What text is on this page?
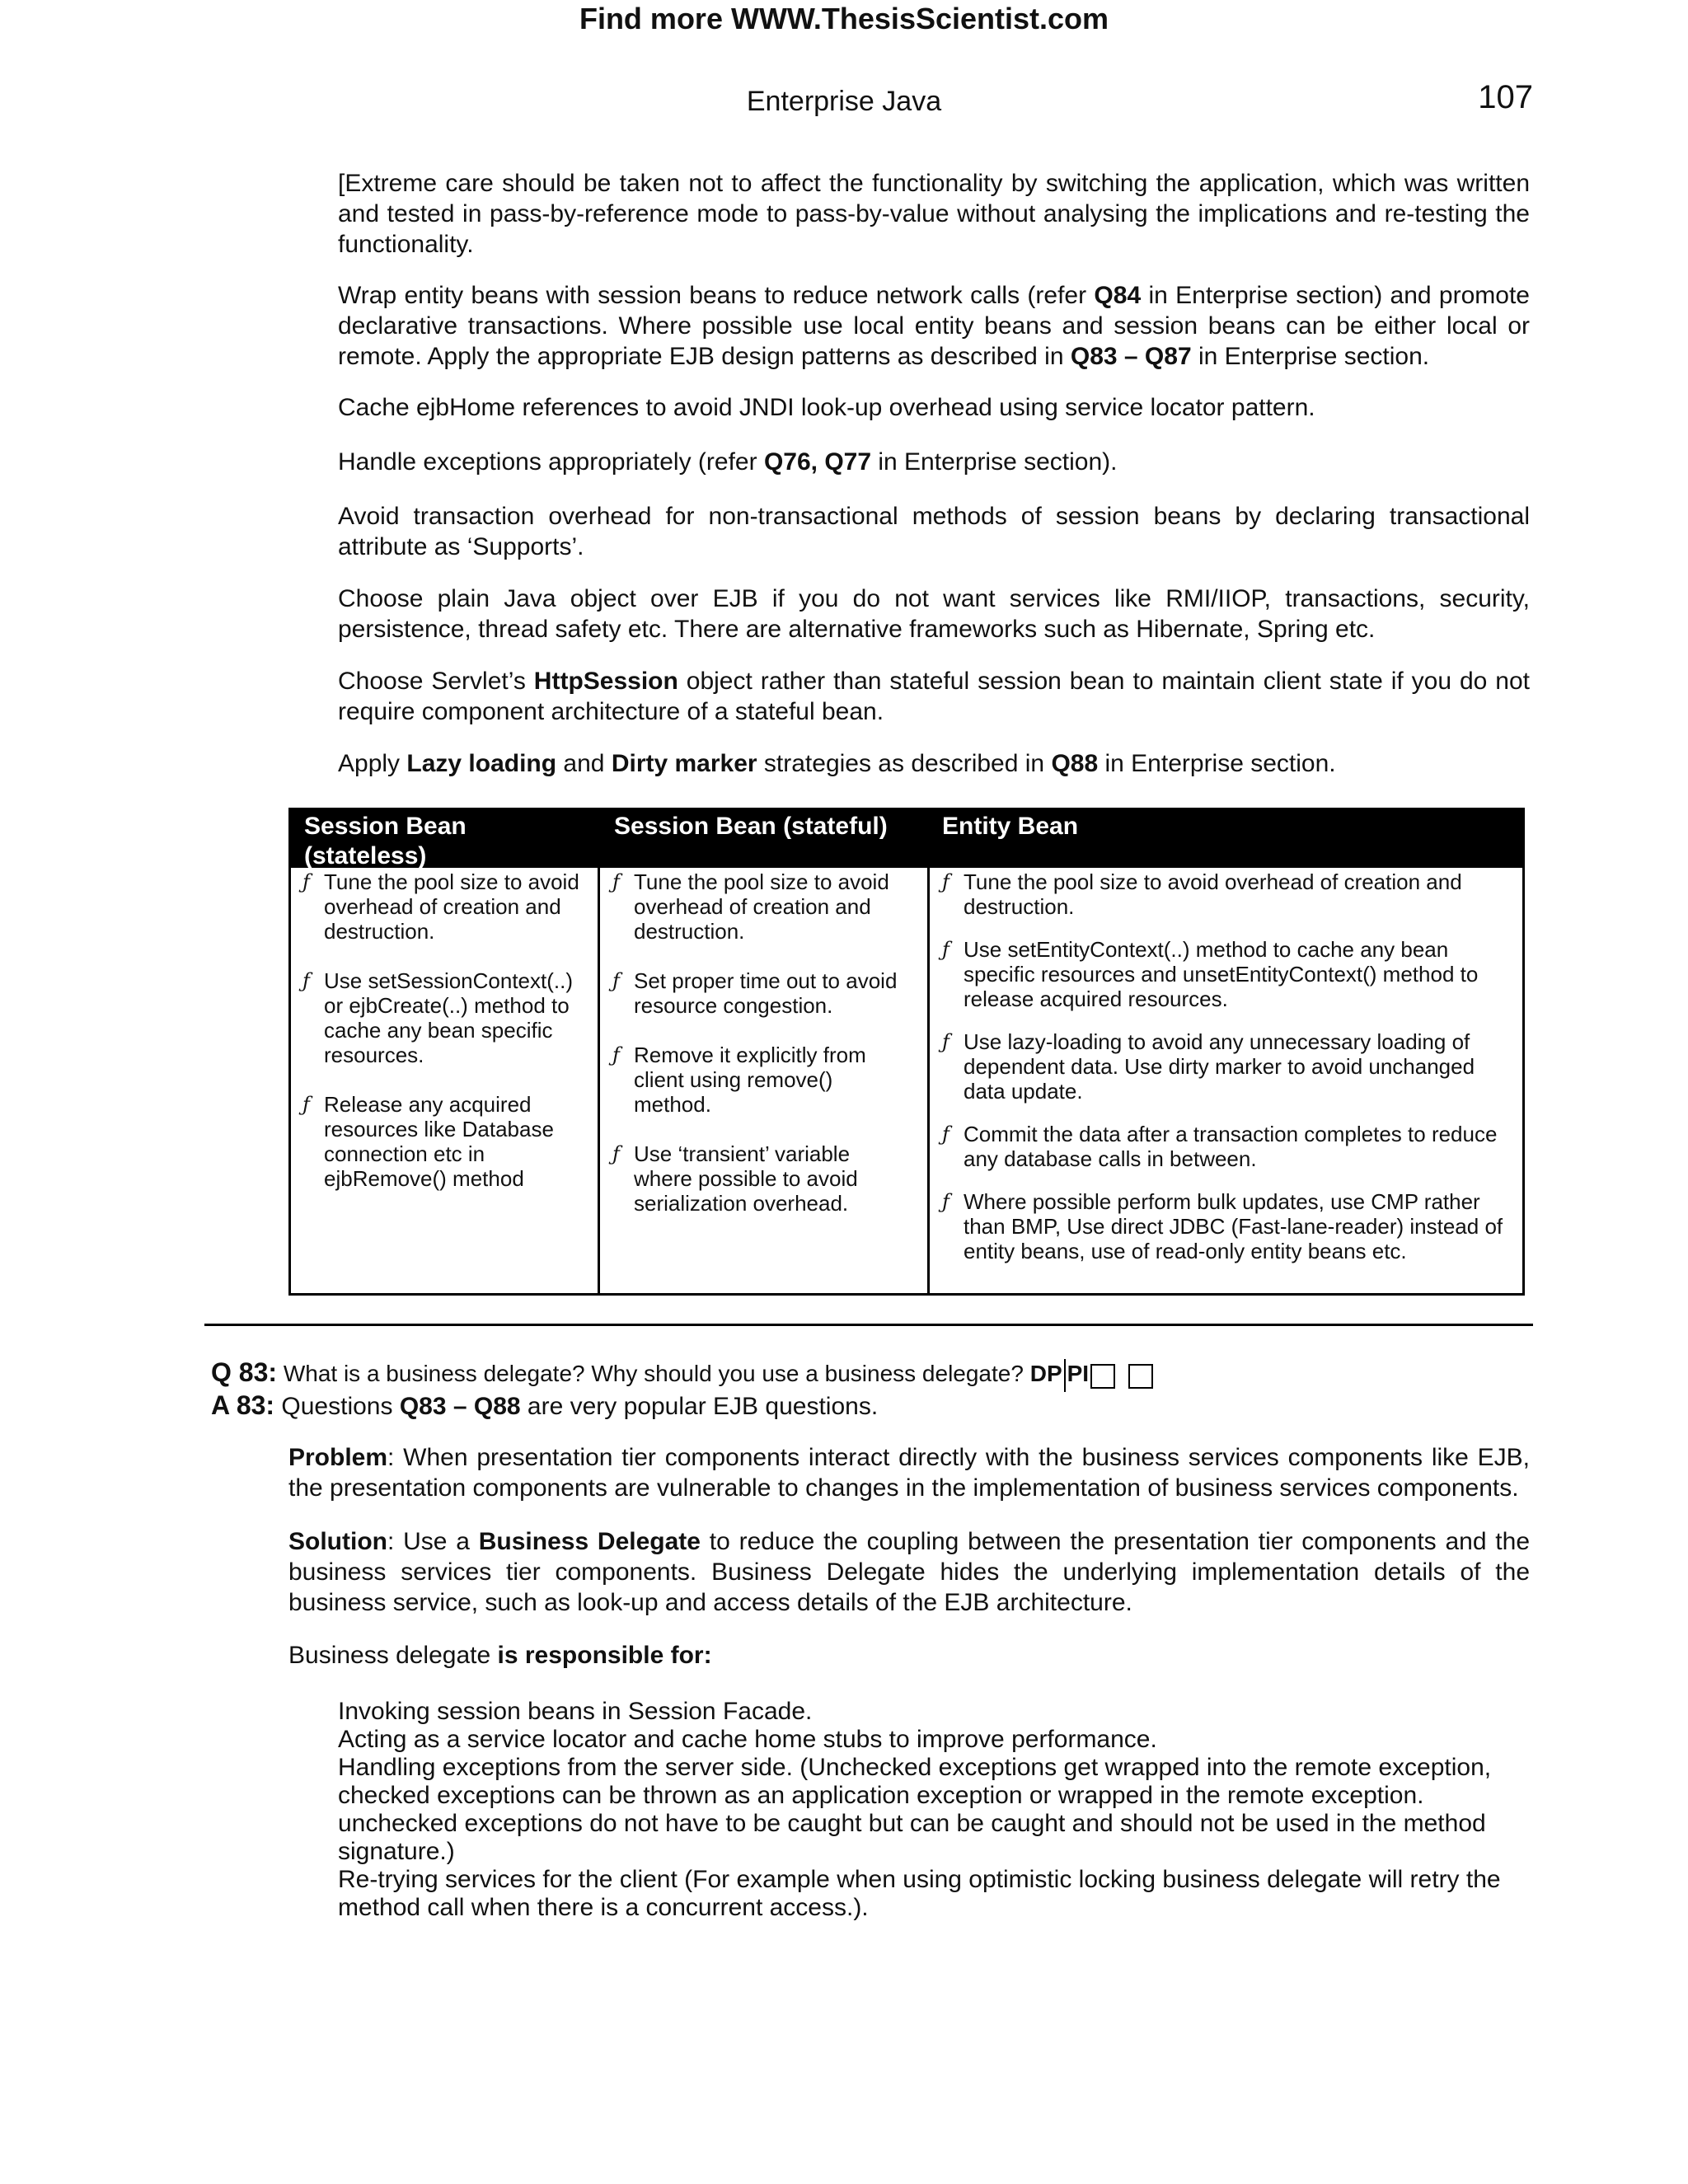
Find more WWW.ThesisScientist.com
Enterprise Java	107

[Extreme care should be taken not to affect the functionality by switching the application, which was written and tested in pass-by-reference mode to pass-by-value without analysing the implications and re-testing the functionality.

Wrap entity beans with session beans to reduce network calls (refer Q84 in Enterprise section) and promote declarative transactions. Where possible use local entity beans and session beans can be either local or remote. Apply the appropriate EJB design patterns as described in Q83 – Q87 in Enterprise section.

Cache ejbHome references to avoid JNDI look-up overhead using service locator pattern.

Handle exceptions appropriately (refer Q76, Q77 in Enterprise section).

Avoid transaction overhead for non-transactional methods of session beans by declaring transactional attribute as ‘Supports’.

Choose plain Java object over EJB if you do not want services like RMI/IIOP, transactions, security, persistence, thread safety etc. There are alternative frameworks such as Hibernate, Spring etc.

Choose Servlet’s HttpSession object rather than stateful session bean to maintain client state if you do not require component architecture of a stateful bean.

Apply Lazy loading and Dirty marker strategies as described in Q88 in Enterprise section.

Session Bean (stateless)
Session Bean (stateful)	Entity Bean
ƒ Tune the pool size to avoid overhead of creation and destruction.
ƒ Use setSessionContext(..) or ejbCreate(..) method to cache any bean specific resources.
ƒ Release any acquired resources like Database connection etc in ejbRemove() method
ƒ Tune the pool size to avoid overhead of creation and destruction.
ƒ Set proper time out to avoid resource congestion.
ƒ Remove it explicitly from client using remove() method.
ƒ Use ‘transient’ variable where possible to avoid serialization overhead.
ƒ Tune the pool size to avoid overhead of creation and destruction.
ƒ Use setEntityContext(..) method to cache any bean specific resources and unsetEntityContext() method to release acquired resources.
ƒ Use lazy-loading to avoid any unnecessary loading of dependent data. Use dirty marker to avoid unchanged data update.
ƒ Commit the data after a transaction completes to reduce any database calls in between.
ƒ Where possible perform bulk updates, use CMP rather than BMP, Use direct JDBC (Fast-lane-reader) instead of entity beans, use of read-only entity beans etc.
Q 83: What is a business delegate? Why should you use a business delegate? DP PI
A 83: Questions Q83 – Q88 are very popular EJB questions.

Problem: When presentation tier components interact directly with the business services components like EJB, the presentation components are vulnerable to changes in the implementation of business services components.

Solution: Use a Business Delegate to reduce the coupling between the presentation tier components and the business services tier components. Business Delegate hides the underlying implementation details of the business service, such as look-up and access details of the EJB architecture.

Business delegate is responsible for:

Invoking session beans in Session Facade.
Acting as a service locator and cache home stubs to improve performance.
Handling exceptions from the server side. (Unchecked exceptions get wrapped into the remote exception, checked exceptions can be thrown as an application exception or wrapped in the remote exception. unchecked exceptions do not have to be caught but can be caught and should not be used in the method signature.)
Re-trying services for the client (For example when using optimistic locking business delegate will retry the method call when there is a concurrent access.).
